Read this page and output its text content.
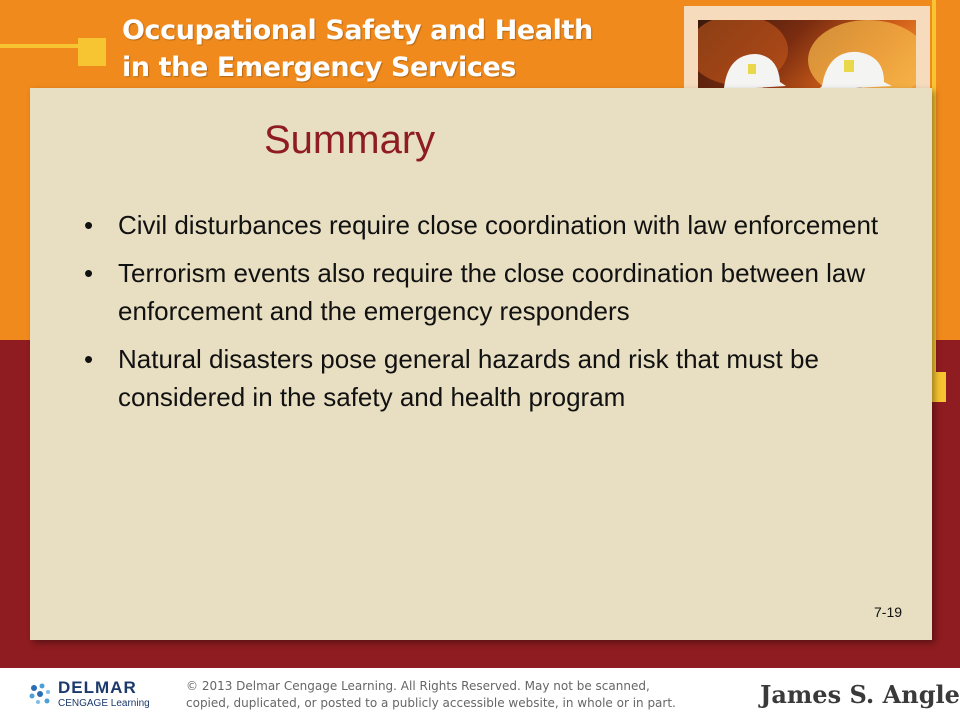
Occupational Safety and Health
in the Emergency Services
Summary
• Civil disturbances require close coordination with law enforcement
• Terrorism events also require the close coordination between law enforcement and the emergency responders
• Natural disasters pose general hazards and risk that must be considered in the safety and health program
7-19
DELMAR
CENGAGE Learning
© 2013 Delmar Cengage Learning. All Rights Reserved. May not be scanned,
copied, duplicated, or posted to a publicly accessible website, in whole or in part.	James S. Angle
